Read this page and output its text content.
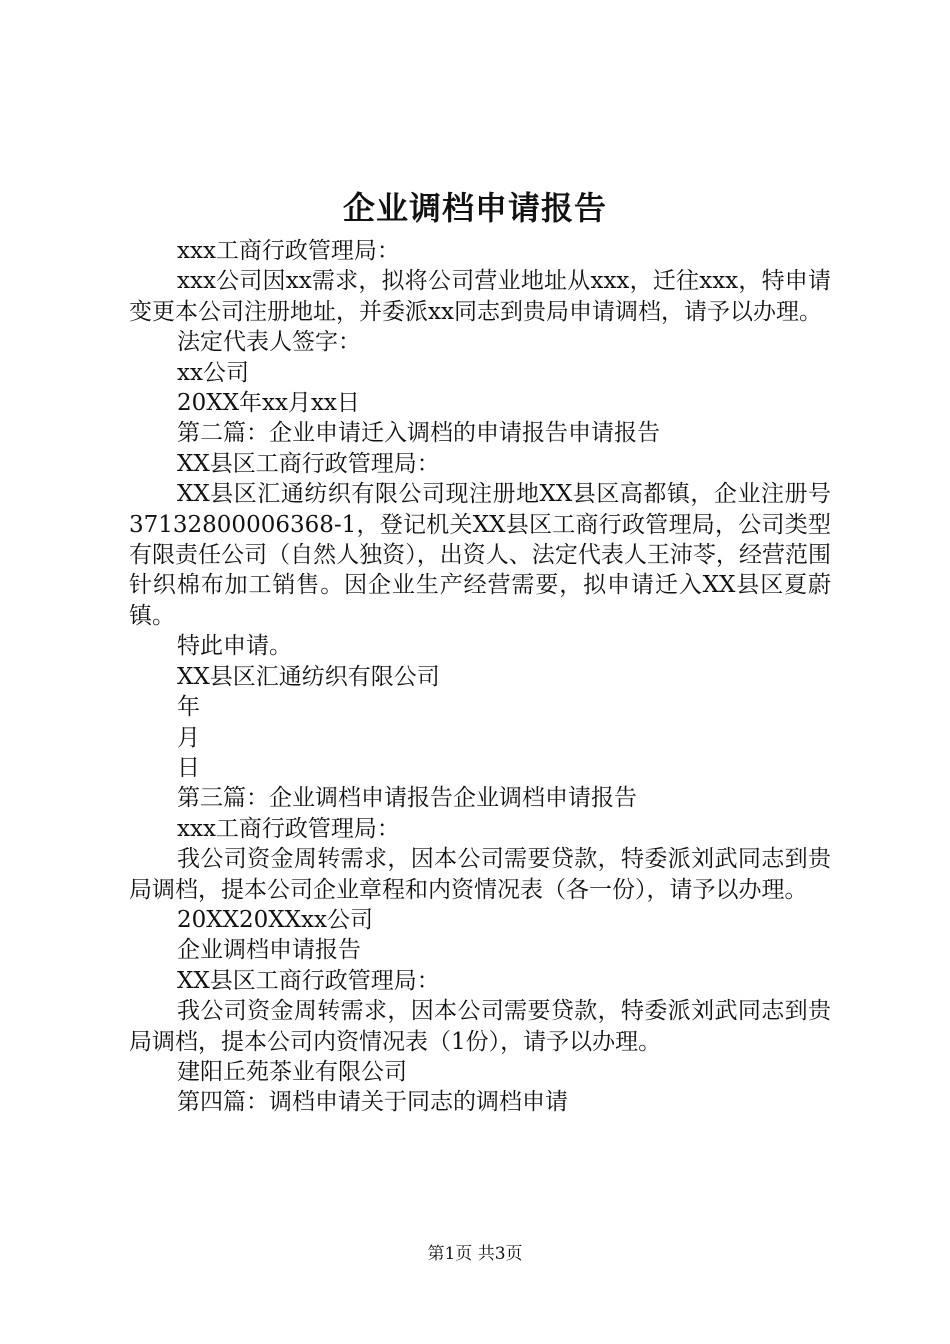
企业调档申请报告

xxx工商行政管理局：

xxx公司因xx需求，拟将公司营业地址从xxx，迁往xxx，特申请变更本公司注册地址，并委派xx同志到贵局申请调档，请予以办理。

法定代表人签字：

xx公司

20XX年xx月xx日

第二篇：企业申请迁入调档的申请报告申请报告

XX县区工商行政管理局：

XX县区汇通纺织有限公司现注册地XX县区高都镇，企业注册号37132800006368-1，登记机关XX县区工商行政管理局，公司类型有限责任公司（自然人独资），出资人、法定代表人王沛苓，经营范围针织棉布加工销售。因企业生产经营需要，拟申请迁入XX县区夏蔚镇。

特此申请。

XX县区汇通纺织有限公司

年

月

日

第三篇：企业调档申请报告企业调档申请报告

xxx工商行政管理局：

我公司资金周转需求，因本公司需要贷款，特委派刘武同志到贵局调档，提本公司企业章程和内资情况表（各一份），请予以办理。

20XX20XXxx公司

企业调档申请报告

XX县区工商行政管理局：

我公司资金周转需求，因本公司需要贷款，特委派刘武同志到贵局调档，提本公司内资情况表（1份），请予以办理。

建阳丘苑茶业有限公司

第四篇：调档申请关于同志的调档申请

第1页 共3页
